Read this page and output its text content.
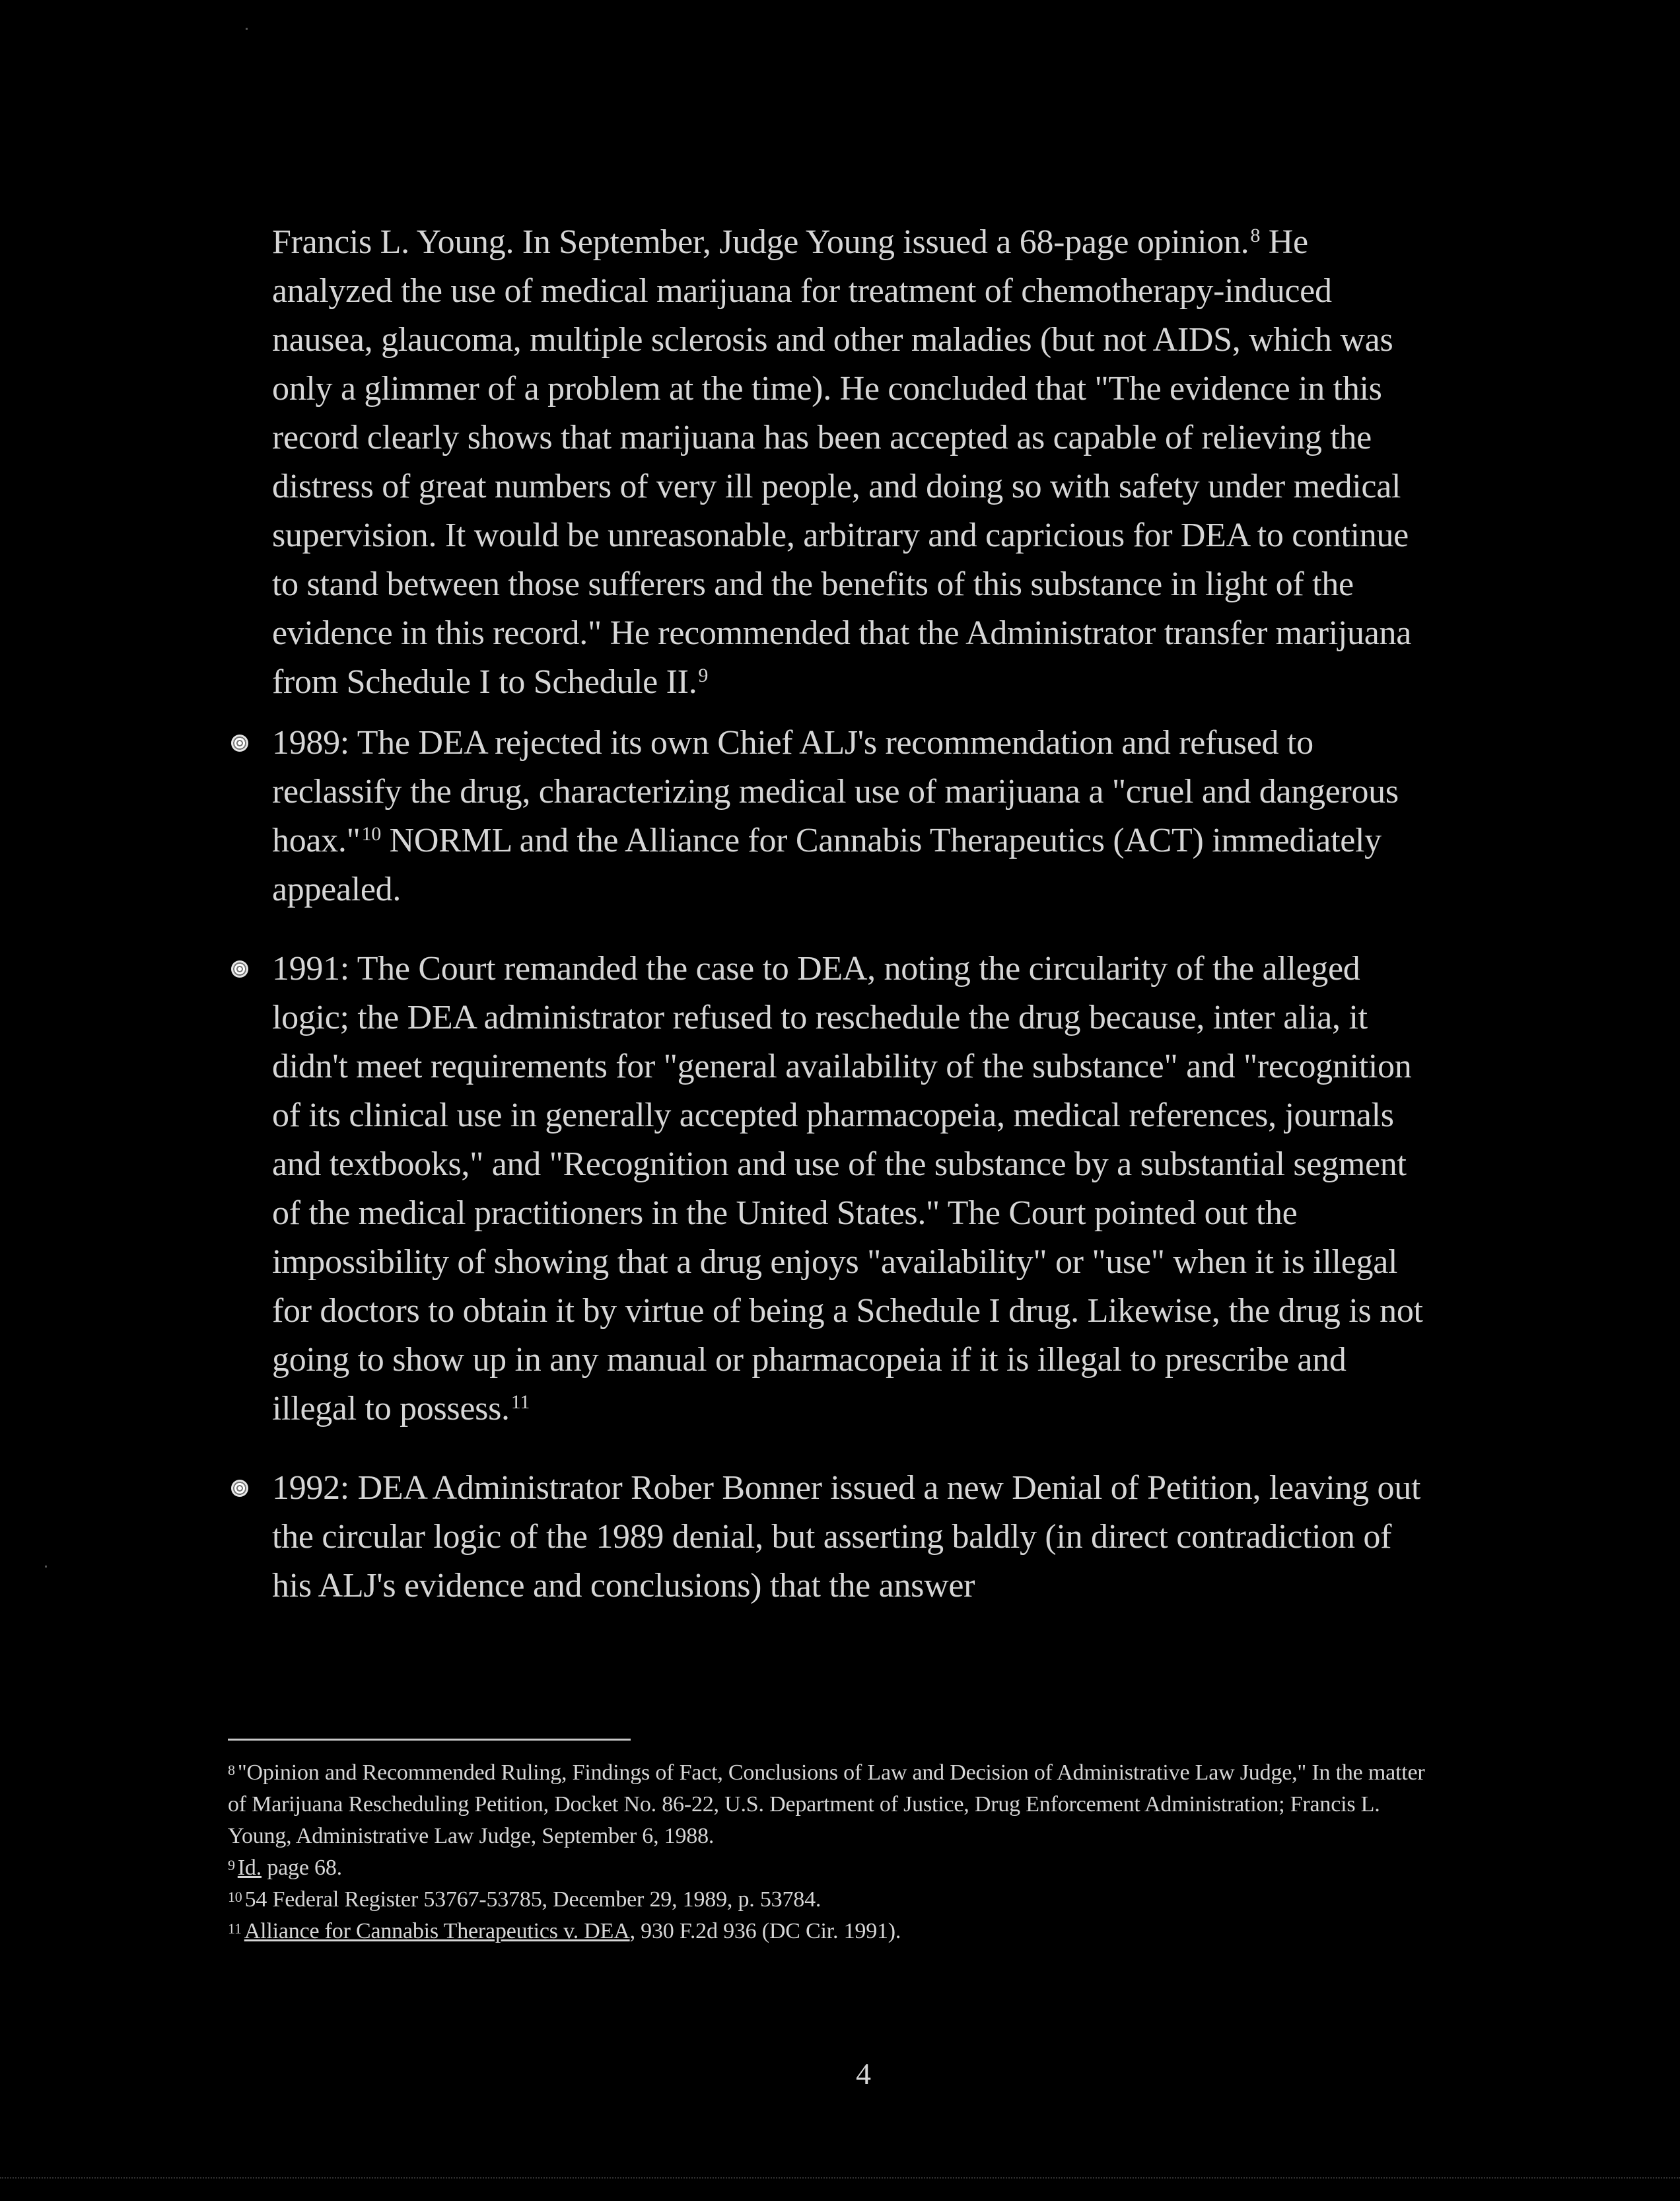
Francis L. Young. In September, Judge Young issued a 68-page opinion.$^8$ He analyzed the use of medical marijuana for treatment of chemotherapy-induced nausea, glaucoma, multiple sclerosis and other maladies (but not AIDS, which was only a glimmer of a problem at the time). He concluded that "The evidence in this record clearly shows that marijuana has been accepted as capable of relieving the distress of great numbers of very ill people, and doing so with safety under medical supervision. It would be unreasonable, arbitrary and capricious for DEA to continue to stand between those sufferers and the benefits of this substance in light of the evidence in this record." He recommended that the Administrator transfer marijuana from Schedule I to Schedule II.$^9$

1989: The DEA rejected its own Chief ALJ's recommendation and refused to reclassify the drug, characterizing medical use of marijuana a "cruel and dangerous hoax."$^{10}$ NORML and the Alliance for Cannabis Therapeutics (ACT) immediately appealed.

1991: The Court remanded the case to DEA, noting the circularity of the alleged logic; the DEA administrator refused to reschedule the drug because, inter alia, it didn't meet requirements for "general availability of the substance" and "recognition of its clinical use in generally accepted pharmacopeia, medical references, journals and textbooks," and "Recognition and use of the substance by a substantial segment of the medical practitioners in the United States." The Court pointed out the impossibility of showing that a drug enjoys "availability" or "use" when it is illegal for doctors to obtain it by virtue of being a Schedule I drug. Likewise, the drug is not going to show up in any manual or pharmacopeia if it is illegal to prescribe and illegal to possess.$^{11}$

1992: DEA Administrator Rober Bonner issued a new Denial of Petition, leaving out the circular logic of the 1989 denial, but asserting baldly (in direct contradiction of his ALJ's evidence and conclusions) that the answer

$^8$ "Opinion and Recommended Ruling, Findings of Fact, Conclusions of Law and Decision of Administrative Law Judge," In the matter of Marijuana Rescheduling Petition, Docket No. 86-22, U.S. Department of Justice, Drug Enforcement Administration; Francis L. Young, Administrative Law Judge, September 6, 1988.

$^9$ Id. page 68.

$^{10}$ 54 Federal Register 53767-53785, December 29, 1989, p. 53784.

$^{11}$ Alliance for Cannabis Therapeutics v. DEA, 930 F.2d 936 (DC Cir. 1991).

4
